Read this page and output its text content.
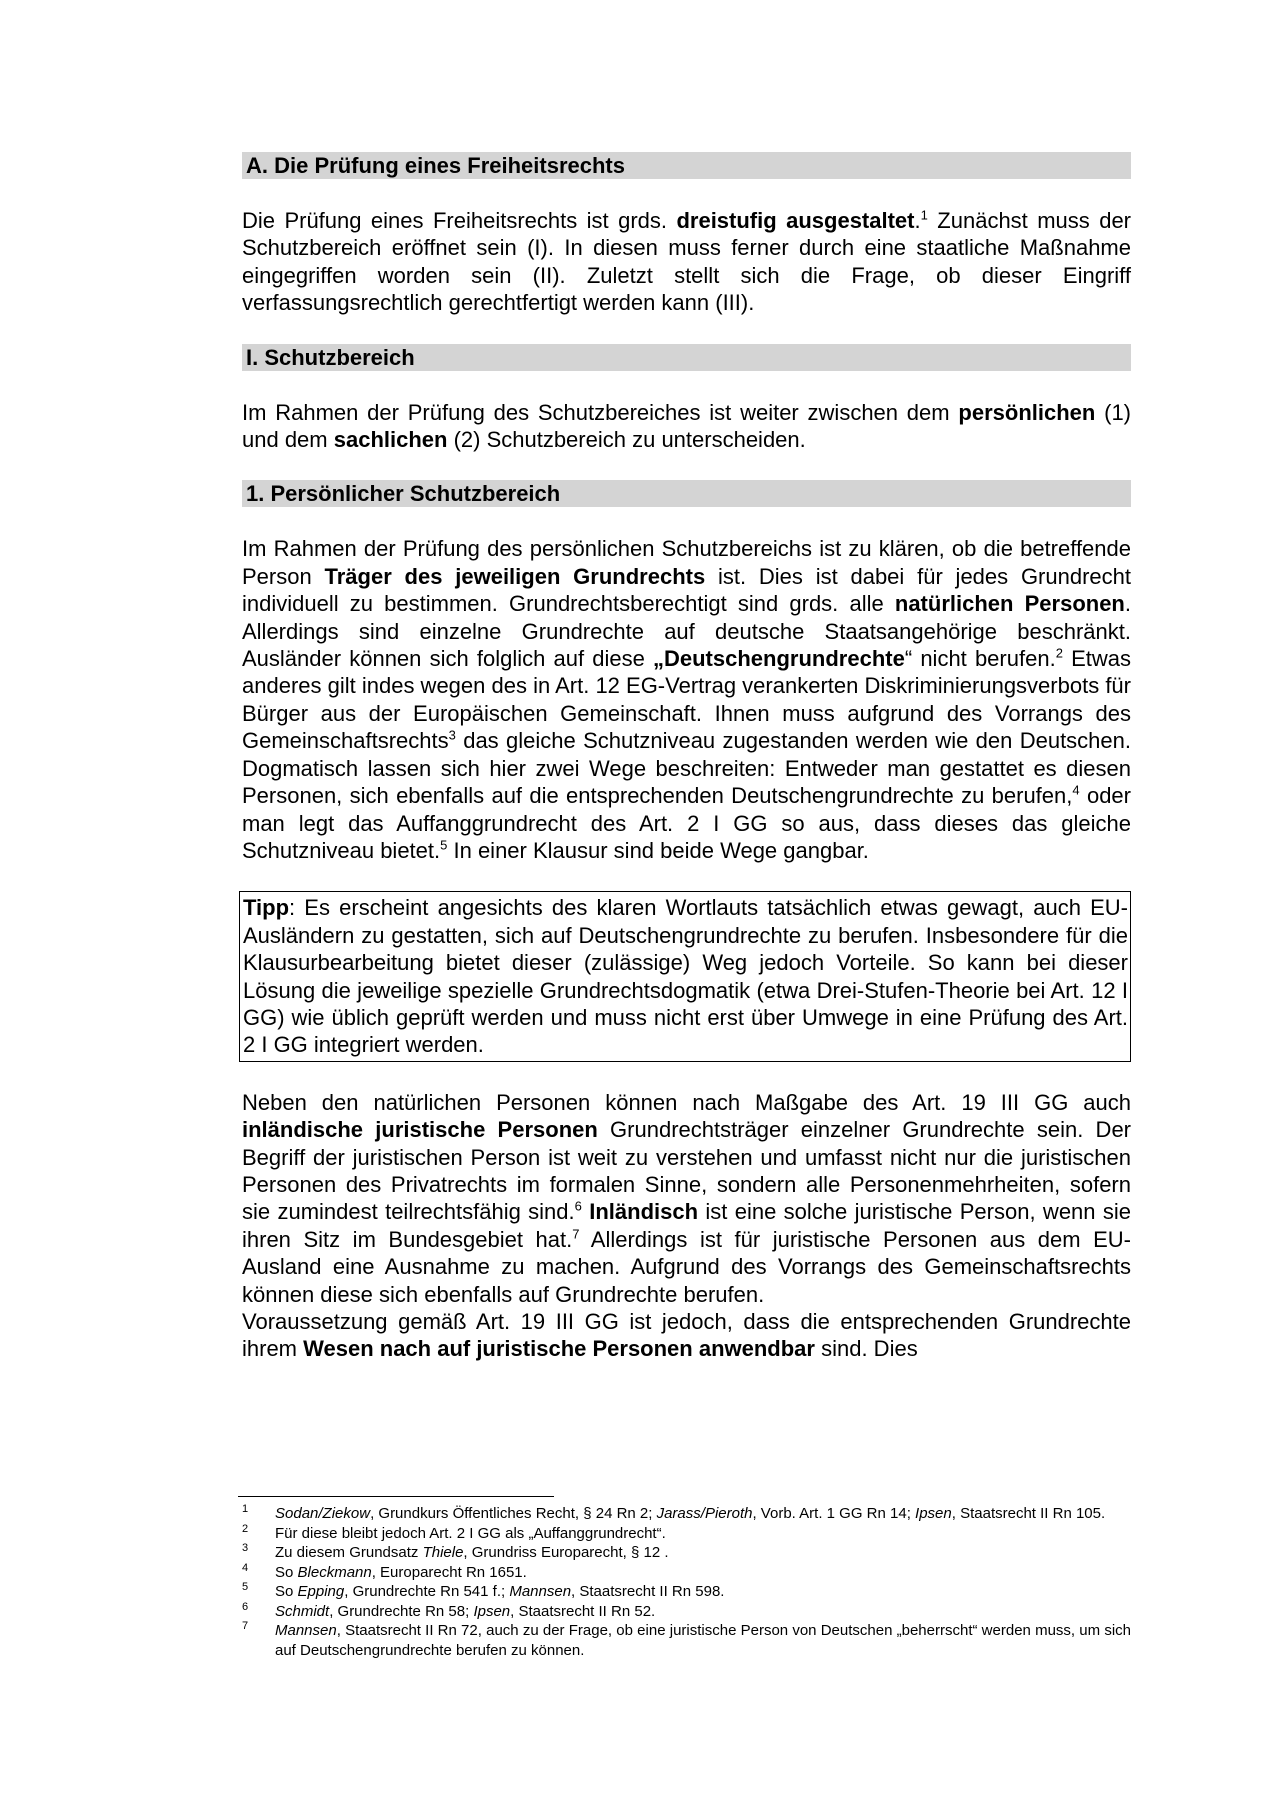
A. Die Prüfung eines Freiheitsrechts

Die Prüfung eines Freiheitsrechts ist grds. dreistufig ausgestaltet.$^1$ Zunächst muss der Schutzbereich eröffnet sein (I). In diesen muss ferner durch eine staatliche Maßnahme eingegriffen worden sein (II). Zuletzt stellt sich die Frage, ob dieser Eingriff verfassungsrechtlich gerechtfertigt werden kann (III).

I. Schutzbereich

Im Rahmen der Prüfung des Schutzbereiches ist weiter zwischen dem persönlichen (1) und dem sachlichen (2) Schutzbereich zu unterscheiden.

1. Persönlicher Schutzbereich

Im Rahmen der Prüfung des persönlichen Schutzbereichs ist zu klären, ob die betreffende Person Träger des jeweiligen Grundrechts ist. Dies ist dabei für jedes Grundrecht individuell zu bestimmen. Grundrechtsberechtigt sind grds. alle natürlichen Personen. Allerdings sind einzelne Grundrechte auf deutsche Staatsangehörige beschränkt. Ausländer können sich folglich auf diese „Deutschengrundrechte“ nicht berufen.$^2$ Etwas anderes gilt indes wegen des in Art. 12 EG-Vertrag verankerten Diskriminierungsverbots für Bürger aus der Europäischen Gemeinschaft. Ihnen muss aufgrund des Vorrangs des Gemeinschaftsrechts$^3$ das gleiche Schutzniveau zugestanden werden wie den Deutschen. Dogmatisch lassen sich hier zwei Wege beschreiten: Entweder man gestattet es diesen Personen, sich ebenfalls auf die entsprechenden Deutschengrundrechte zu berufen,$^4$ oder man legt das Auffanggrundrecht des Art. 2 I GG so aus, dass dieses das gleiche Schutzniveau bietet.$^5$ In einer Klausur sind beide Wege gangbar.

Tipp: Es erscheint angesichts des klaren Wortlauts tatsächlich etwas gewagt, auch EU-Ausländern zu gestatten, sich auf Deutschengrundrechte zu berufen. Insbesondere für die Klausurbearbeitung bietet dieser (zulässige) Weg jedoch Vorteile. So kann bei dieser Lösung die jeweilige spezielle Grundrechtsdogmatik (etwa Drei-Stufen-Theorie bei Art. 12 I GG) wie üblich geprüft werden und muss nicht erst über Umwege in eine Prüfung des Art. 2 I GG integriert werden.

Neben den natürlichen Personen können nach Maßgabe des Art. 19 III GG auch inländische juristische Personen Grundrechtsträger einzelner Grundrechte sein. Der Begriff der juristischen Person ist weit zu verstehen und umfasst nicht nur die juristischen Personen des Privatrechts im formalen Sinne, sondern alle Personenmehrheiten, sofern sie zumindest teilrechtsfähig sind.$^6$ Inländisch ist eine solche juristische Person, wenn sie ihren Sitz im Bundesgebiet hat.$^7$ Allerdings ist für juristische Personen aus dem EU-Ausland eine Ausnahme zu machen. Aufgrund des Vorrangs des Gemeinschaftsrechts können diese sich ebenfalls auf Grundrechte berufen.

Voraussetzung gemäß Art. 19 III GG ist jedoch, dass die entsprechenden Grundrechte ihrem Wesen nach auf juristische Personen anwendbar sind. Dies

1 Sodan/Ziekow, Grundkurs Öffentliches Recht, § 24 Rn 2; Jarass/Pieroth, Vorb. Art. 1 GG Rn 14; Ipsen, Staatsrecht II Rn 105.
2 Für diese bleibt jedoch Art. 2 I GG als „Auffanggrundrecht“.
3 Zu diesem Grundsatz Thiele, Grundriss Europarecht, § 12 .
4 So Bleckmann, Europarecht Rn 1651.
5 So Epping, Grundrechte Rn 541 f.; Mannsen, Staatsrecht II Rn 598.
6 Schmidt, Grundrechte Rn 58; Ipsen, Staatsrecht II Rn 52.
7 Mannsen, Staatsrecht II Rn 72, auch zu der Frage, ob eine juristische Person von Deutschen „beherrscht“ werden muss, um sich auf Deutschengrundrechte berufen zu können.
